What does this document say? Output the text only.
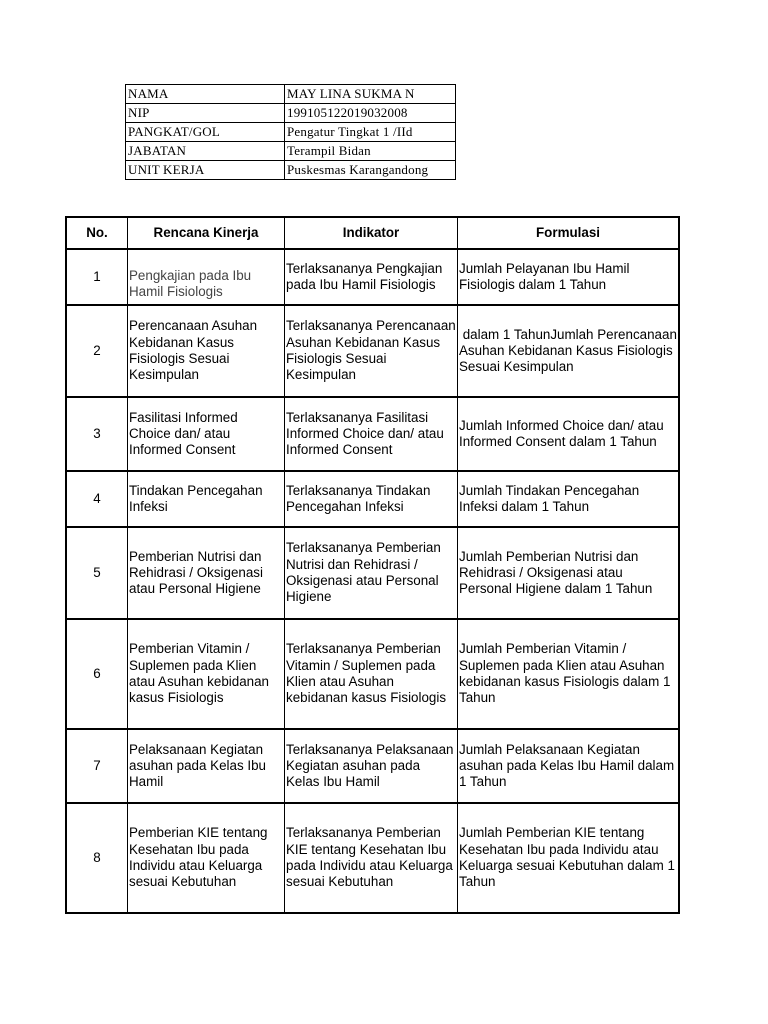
NAMA	MAY LINA SUKMA N
NIP	199105122019032008
PANGKAT/GOL	Pengatur Tingkat 1 /IId
JABATAN	Terampil Bidan
UNIT KERJA	Puskesmas Karangandong
No.	Rencana Kinerja	Indikator	Formulasi
1	Pengkajian pada Ibu Hamil Fisiologis	Terlaksananya Pengkajian pada Ibu Hamil Fisiologis	Jumlah Pelayanan Ibu Hamil Fisiologis dalam 1 Tahun
2	Perencanaan Asuhan Kebidanan Kasus Fisiologis Sesuai Kesimpulan	Terlaksananya Perencanaan Asuhan Kebidanan Kasus Fisiologis Sesuai Kesimpulan	dalam 1 TahunJumlah Perencanaan Asuhan Kebidanan Kasus Fisiologis Sesuai Kesimpulan
3	Fasilitasi Informed Choice dan/ atau Informed Consent	Terlaksananya Fasilitasi Informed Choice dan/ atau Informed Consent	Jumlah Informed Choice dan/ atau Informed Consent dalam 1 Tahun
4	Tindakan Pencegahan Infeksi	Terlaksananya Tindakan Pencegahan Infeksi	Jumlah Tindakan Pencegahan Infeksi dalam 1 Tahun
5	Pemberian Nutrisi dan Rehidrasi / Oksigenasi atau Personal Higiene	Terlaksananya Pemberian Nutrisi dan Rehidrasi / Oksigenasi atau Personal Higiene	Jumlah Pemberian Nutrisi dan Rehidrasi / Oksigenasi atau Personal Higiene dalam 1 Tahun
6	Pemberian Vitamin / Suplemen pada Klien atau Asuhan kebidanan kasus Fisiologis	Terlaksananya Pemberian Vitamin / Suplemen pada Klien atau Asuhan kebidanan kasus Fisiologis	Jumlah Pemberian Vitamin / Suplemen pada Klien atau Asuhan kebidanan kasus Fisiologis dalam 1 Tahun
7	Pelaksanaan Kegiatan asuhan pada Kelas Ibu Hamil	Terlaksananya Pelaksanaan Kegiatan asuhan pada Kelas Ibu Hamil	Jumlah Pelaksanaan Kegiatan asuhan pada Kelas Ibu Hamil dalam 1 Tahun
8	Pemberian KIE tentang Kesehatan Ibu pada Individu atau Keluarga sesuai Kebutuhan	Terlaksananya Pemberian KIE tentang Kesehatan Ibu pada Individu atau Keluarga sesuai Kebutuhan	Jumlah Pemberian KIE tentang Kesehatan Ibu pada Individu atau Keluarga sesuai Kebutuhan dalam 1 Tahun
